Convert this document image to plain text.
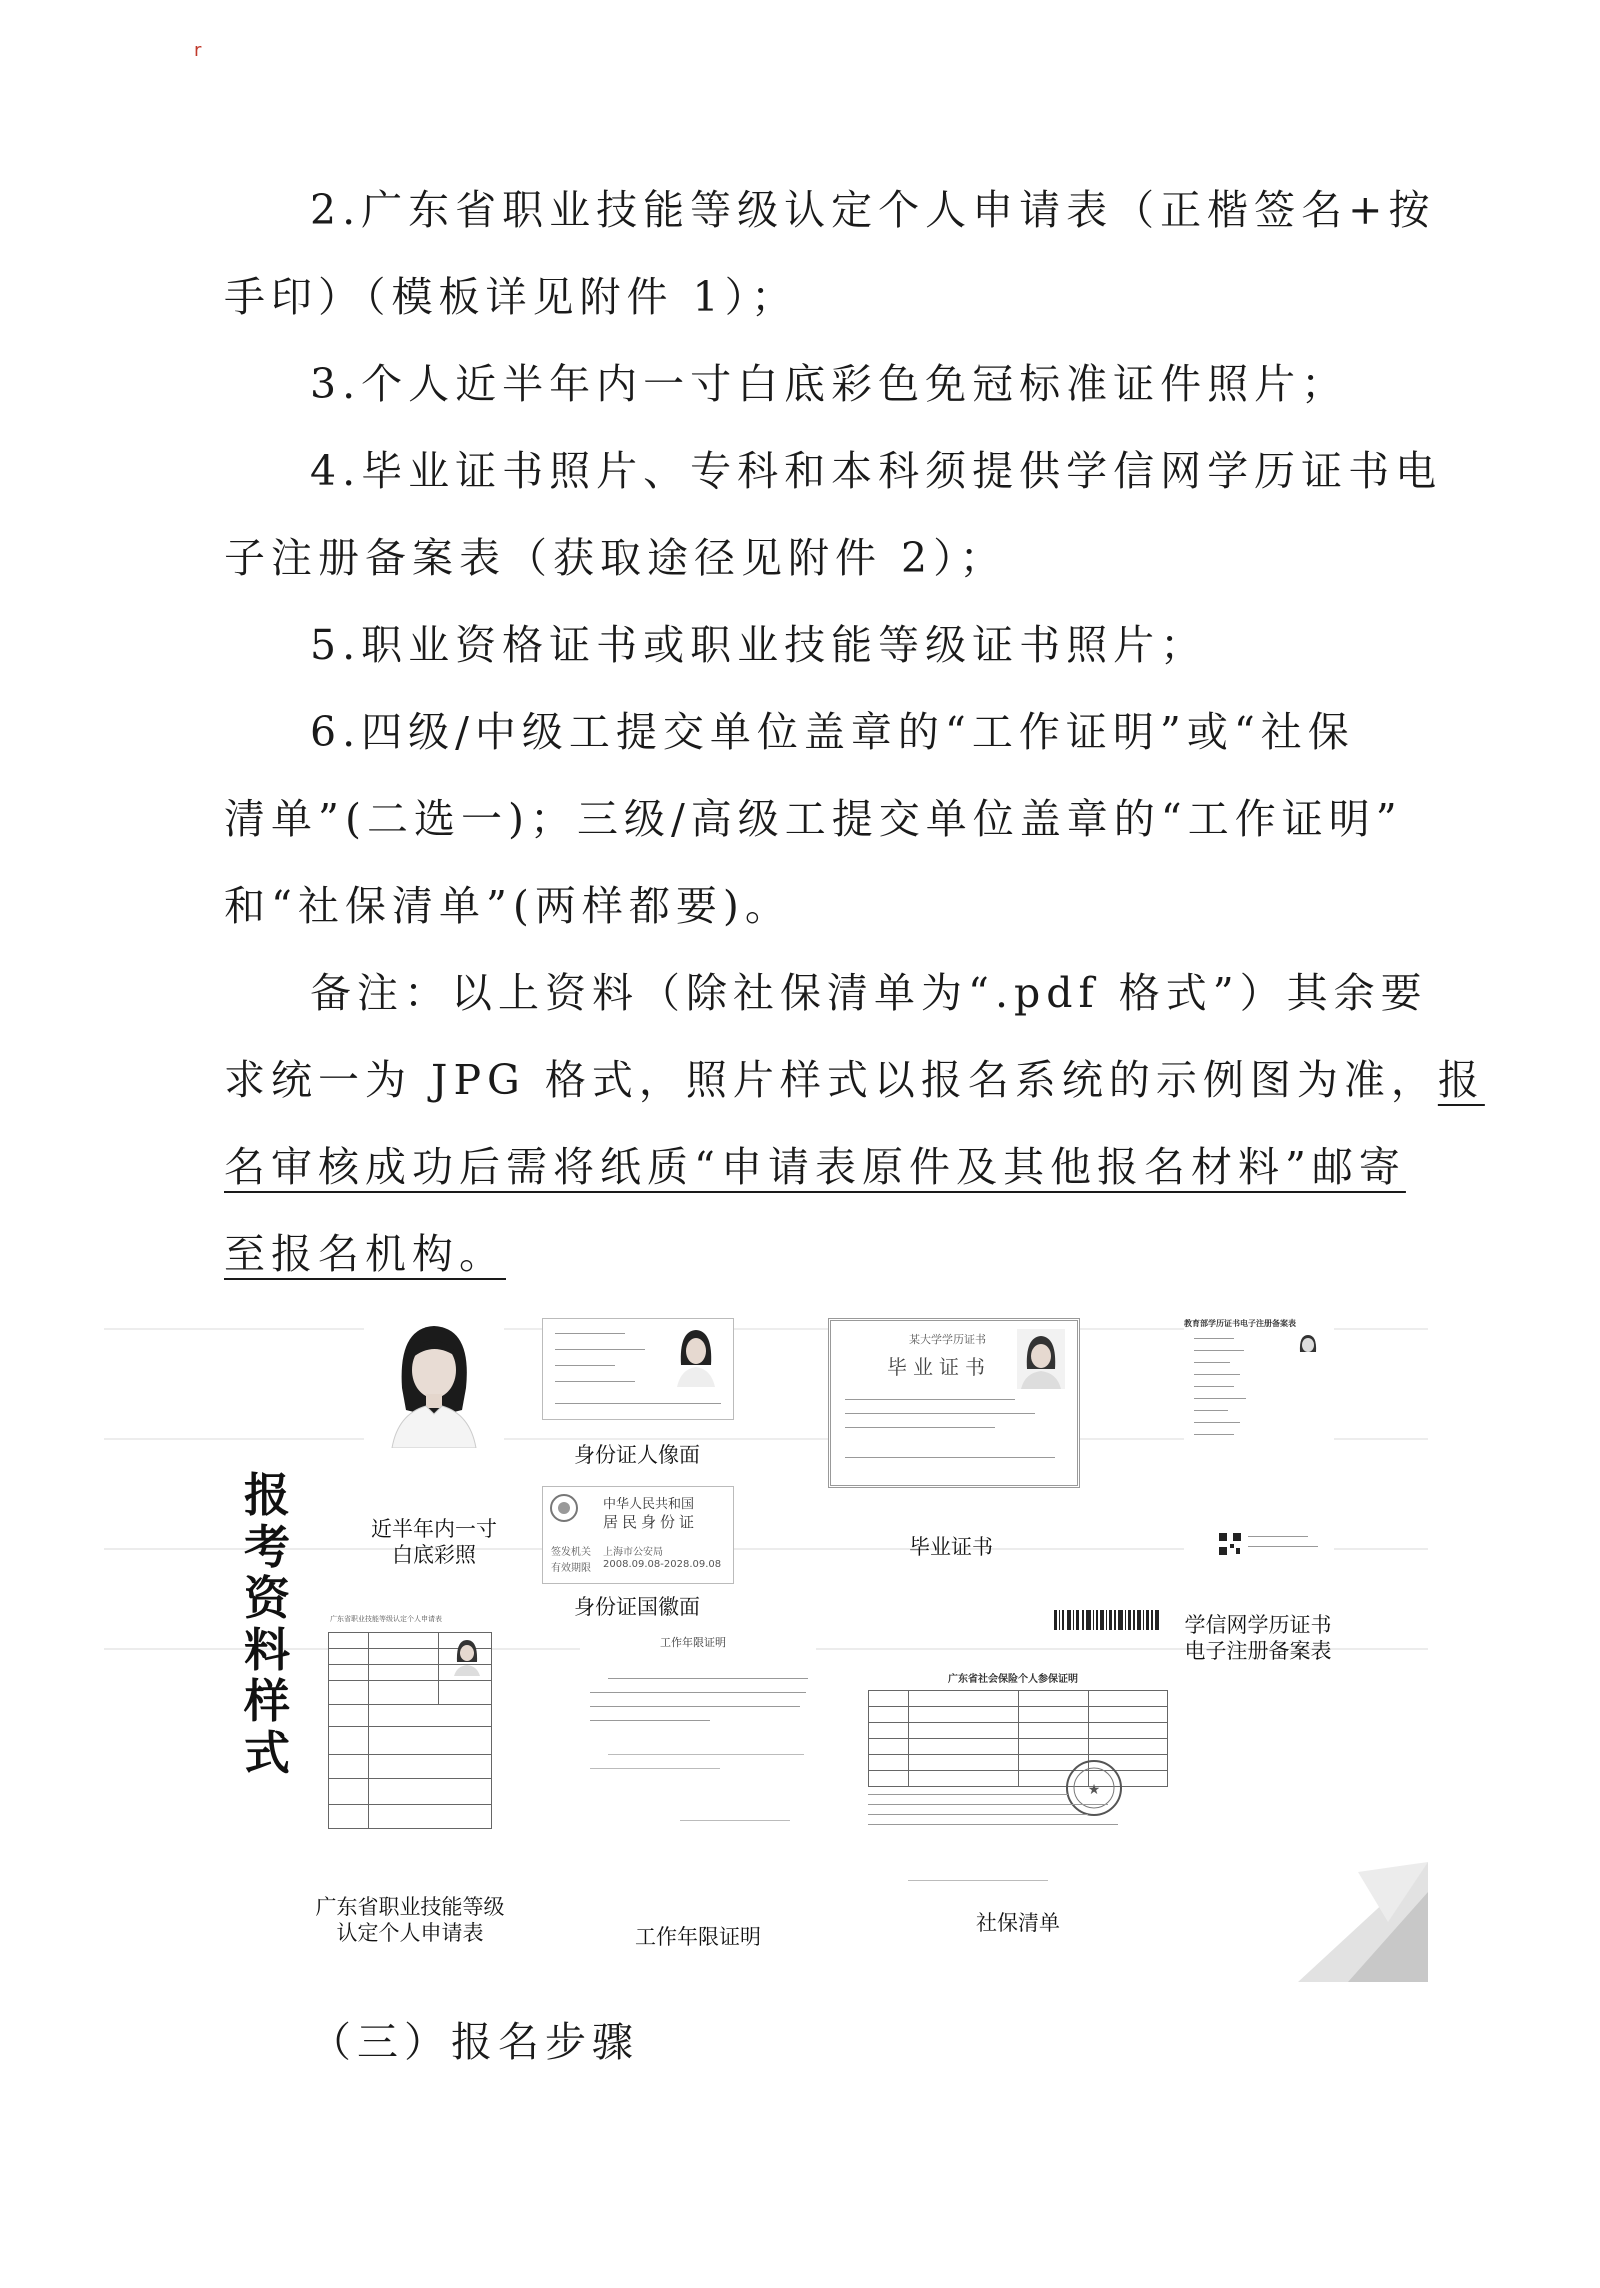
r
2.广东省职业技能等级认定个人申请表（正楷签名+按
手印）（模板详见附件 1）；
3.个人近半年内一寸白底彩色免冠标准证件照片；
4.毕业证书照片、专科和本科须提供学信网学历证书电
子注册备案表（获取途径见附件 2）；
5.职业资格证书或职业技能等级证书照片；
6.四级/中级工提交单位盖章的“工作证明”或“社保
清单”(二选一)；三级/高级工提交单位盖章的“工作证明”
和“社保清单”(两样都要)。
备注：以上资料（除社保清单为“.pdf 格式”）其余要
求统一为 JPG 格式，照片样式以报名系统的示例图为准，报
名审核成功后需将纸质“申请表原件及其他报名材料”邮寄
至报名机构。
报
考
资
料
样
式
近半年内一寸
白底彩照
身份证人像面
中华人民共和国
居民身份证
签发机关 上海市公安局
有效期限 2008.09.08-2028.09.08
身份证国徽面
某大学学历证书
毕业证书
毕业证书
教育部学历证书电子注册备案表
学信网学历证书
电子注册备案表
广东省职业技能等级认定个人申请表
广东省职业技能等级
认定个人申请表
工作年限证明
工作年限证明
广东省社会保险个人参保证明
★
社保清单
（三）报名步骤
